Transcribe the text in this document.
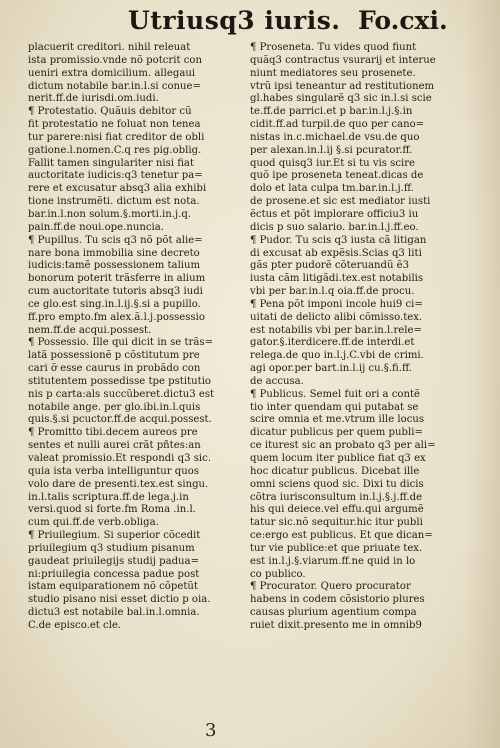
Utriusq3 iuris. Fo.cxi.
placuerit creditori. nihil releuat
ista promissio.vnde nõ potcrit con
ueniri extra domicilium. allegaui
dictum notabile bar.in.l.si conue=
nerit.ff.de iurisdi.om.iudi.
¶ Protestatio. Quãuis debitor cũ
fit protestatio ne foluat non tenea
tur parere:nisi fiat creditor de obli
gatione.l.nomen.C.q res pig.oblig.
Fallit tamen singulariter nisi fiat
auctoritate iudicis:q3 tenetur pa=
rere et excusatur absq3 alia exhibi
tione instrumẽti. dictum est nota.
bar.in.l.non solum.§.morti.in.j.q.
pain.ff.de noui.ope.nuncia.
¶ Pupillus. Tu scis q3 nõ põt alie=
nare bona immobilia sine decreto
iudicis:tamẽ possessionem talium
bonorum poterit trãsferre in alium
cum auctoritate tutoris absq3 iudi
ce glo.est sing.in.l.ij.§.si a pupillo.
ff.pro empto.fm alex.ã.l.j.possessio
nem.ff.de acqui.possest.
¶ Possessio. Ille qui dicit in se trãs=
latã possessionẽ p cõstitutum pre
cari ỡ esse caurus in probãdo con
stitutentem possedisse tpe pstitutio
nis p carta:als succũberet.dictu3 est
notabile ange. per glo.ibi.in.l.quis
quis.§.si pcuctor.ff.de acqui.possest.
¶ Promitto tibi.decem aureos pre
sentes et nulli aurei crãt pñtes:an
valeat promissio.Et respondi q3 sic.
quia ista verba intelliguntur quos
volo dare de presenti.tex.est singu.
in.l.talis scriptura.ff.de lega.j.in
versi.quod si forte.fm Roma .in.l.
cum qui.ff.de verb.obliga.
¶ Priuilegium. Si superior cõcedit
priuilegium q3 studium pisanum
gaudeat priuilegijs studij padua=
ni:priuilegia concessa padue post
istam equiparationem nõ cõpetũt
studio pisano nisi esset dictio p oia.
dictu3 est notabile bal.in.l.omnia.
C.de episco.et cle.
¶ Proseneta. Tu vides quod fiunt
quãq3 contractus vsurarij et interue
niunt mediatores seu prosenete.
vtrũ ipsi teneantur ad restitutionem
gl.habes singularẽ q3 sic in.l.si scie
te.ff.de parrici.et p bar.in.l.j.§.in
cidit.ff.ad turpil.de quo per cano=
nistas in.c.michael.de vsu.de quo
per alexan.in.l.ij §.si pcurator.ff.
quod quisq3 iur.Et si tu vis scire
quõ ipe proseneta teneat.dicas de
dolo et lata culpa tm.bar.in.l.j.ff.
de prosene.et sic est mediator iusti
ẽctus et põt implorare officiu3 iu
dicis p suo salario. bar.in.l.j.ff.eo.
¶ Pudor. Tu scis q3 iusta cã litigan
di excusat ab expẽsis.Scias q3 liti
gãs pter pudorẽ cõteruandũ ẽ3
iusta cãm litigãdi.tex.est notabilis
vbi per bar.in.l.q oia.ff.de procu.
¶ Pena põt imponi incole hui9 ci=
uitati de delicto alibi cõmisso.tex.
est notabilis vbi per bar.in.l.rele=
gator.§.iterdicere.ff.de interdi.et
relega.de quo in.l.j.C.vbi de crimi.
agi opor.per bart.in.l.ij cu.§.fi.ff.
de accusa.
¶ Publicus. Semel fuit ori a contẽ
tio inter quendam qui putabat se
scire omnia et me.vtrum ille locus
dicatur publicus per quem publi=
ce iturest sic an probato q3 per ali=
quem locum iter publice fiat q3 ex
hoc dicatur publicus. Dicebat ille
omni sciens quod sic. Dixi tu dicis
cõtra iurisconsultum in.l.j.§.j.ff.de
his qui deiece.vel effu.qui argumẽ
tatur sic.nõ sequitur.hic itur publi
ce:ergo est publicus. Et que dican=
tur vie publice:et que priuate tex.
est in.l.j.§.viarum.ff.ne quid in lo
co publico.
¶ Procurator. Quero procurator
habens in codem cõsistorio plures
causas plurium agentium compa
ruiet dixit.presento me in omnib9
3
